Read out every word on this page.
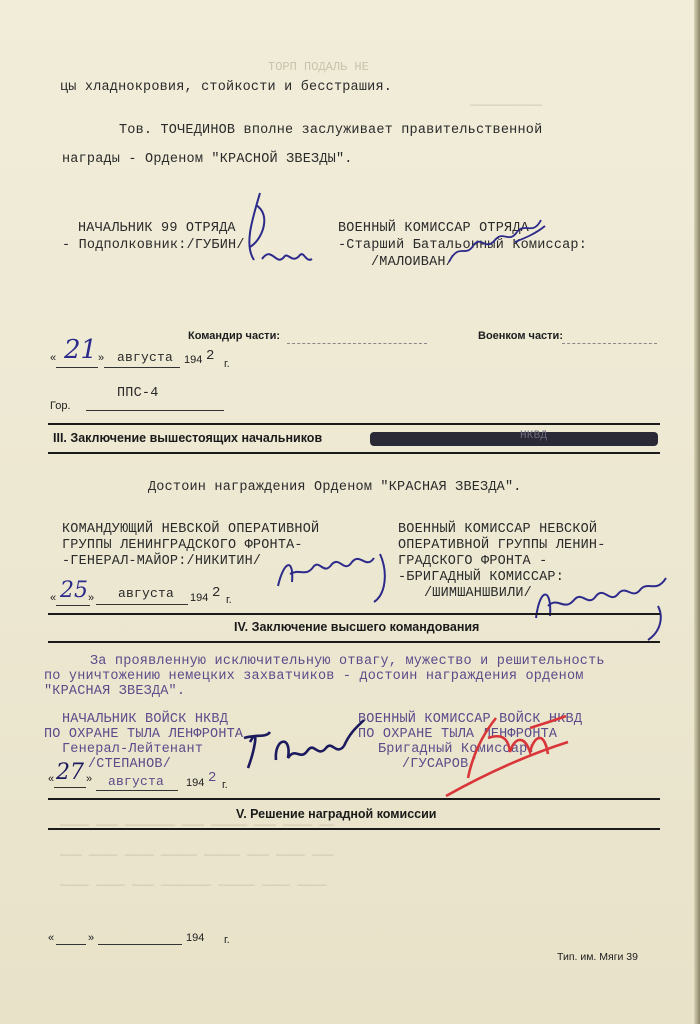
ТОРП ПОДАЛЬ НЕ
——————————
———— ——— ——————— ——— ————— ——— ———— ——
——— ———— ———— ————— ————— ——— ———— ———
———— ———— ——— ——————— ————— ———— ————
цы хладнокровия, стойкости и бесстрашия.
Тов. ТОЧЕДИНОВ вполне заслуживает правительственной
награды - Орденом "КРАСНОЙ ЗВЕЗДЫ".
НАЧАЛЬНИК 99 ОТРЯДА
- Подполковник:/ГУБИН/
ВОЕННЫЙ КОМИССАР ОТРЯДА
-Старший Батальонный Комиссар:
/МАЛОИВАН/
Командир части:	Военком части:
« 21 » августа 194 2 г.
Гор.
ППС-4
III. Заключение вышестоящих начальников	НКВД
Достоин награждения Орденом "КРАСНАЯ ЗВЕЗДА".
КОМАНДУЮЩИЙ НЕВСКОЙ ОПЕРАТИВНОЙ
ГРУППЫ ЛЕНИНГРАДСКОГО ФРОНТА-
-ГЕНЕРАЛ-МАЙОР:/НИКИТИН/
ВОЕННЫЙ КОМИССАР НЕВСКОЙ
ОПЕРАТИВНОЙ ГРУППЫ ЛЕНИН-
ГРАДСКОГО ФРОНТА -
-БРИГАДНЫЙ КОМИССАР:
/ШИМШАНШВИЛИ/
« 25 » августа 194 2 г.
IV. Заключение высшего командования
За проявленную исключительную отвагу, мужество и решительность
по уничтожению немецких захватчиков - достоин награждения орденом
"КРАСНАЯ ЗВЕЗДА".
НАЧАЛЬНИК ВОЙСК НКВД
ПО ОХРАНЕ ТЫЛА ЛЕНФРОНТА
Генерал-Лейтенант
/СТЕПАНОВ/
ВОЕННЫЙ КОМИССАР ВОЙСК НКВД
ПО ОХРАНЕ ТЫЛА ЛЕНФРОНТА
Бригадный Комиссар:
/ГУСАРОВ/
« 27 » августа 194 2 г.
V. Решение наградной комиссии
«	»	194 г.
Тип. им. Мяги 39
